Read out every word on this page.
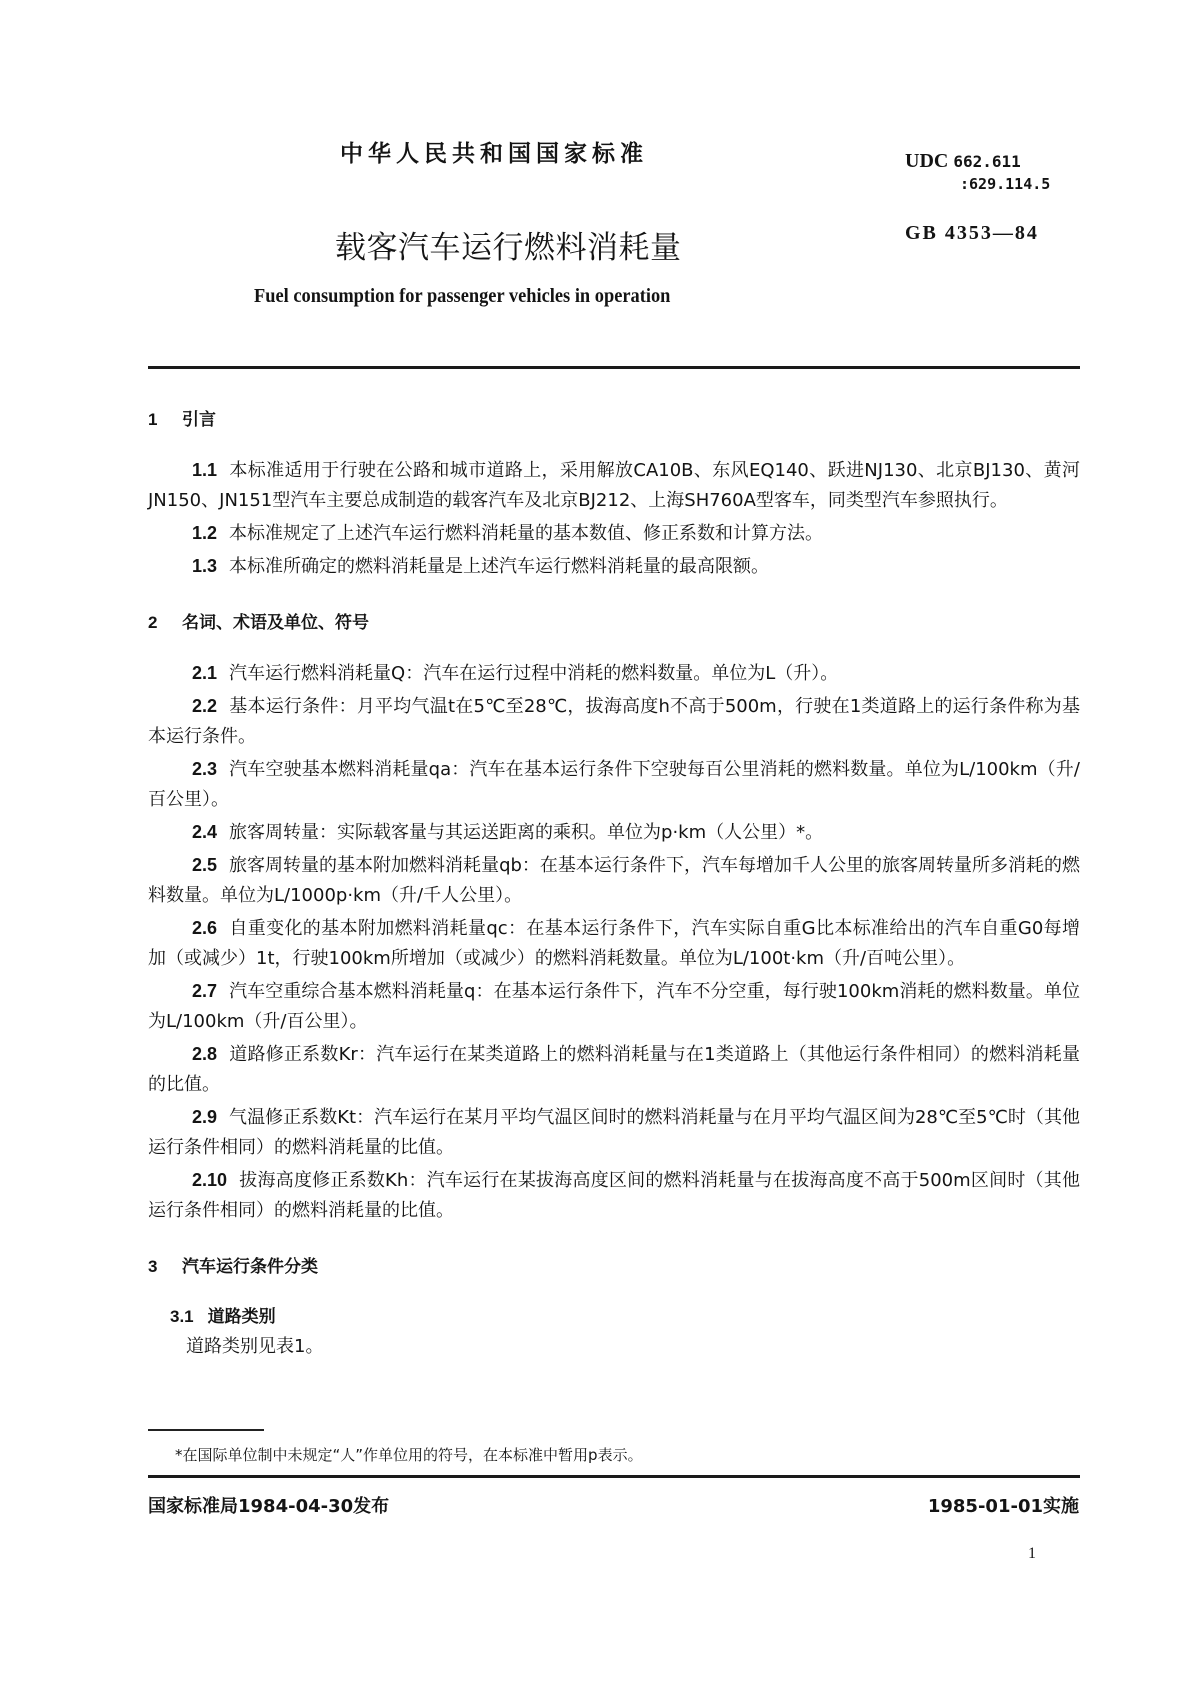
中华人民共和国国家标准	UDC 662.611
:629.114.5
载客汽车运行燃料消耗量	GB 4353—84
Fuel consumption for passenger vehicles in operation
1 引言
1.1 本标准适用于行驶在公路和城市道路上，采用解放CA10B、东风EQ140、跃进NJ130、北京BJ130、黄河JN150、JN151型汽车主要总成制造的载客汽车及北京BJ212、上海SH760A型客车，同类型汽车参照执行。
1.2 本标准规定了上述汽车运行燃料消耗量的基本数值、修正系数和计算方法。
1.3 本标准所确定的燃料消耗量是上述汽车运行燃料消耗量的最高限额。
2 名词、术语及单位、符号
2.1 汽车运行燃料消耗量Q：汽车在运行过程中消耗的燃料数量。单位为L（升）。
2.2 基本运行条件：月平均气温t在5℃至28℃，拔海高度h不高于500m，行驶在1类道路上的运行条件称为基本运行条件。
2.3 汽车空驶基本燃料消耗量qa：汽车在基本运行条件下空驶每百公里消耗的燃料数量。单位为L/100km（升/百公里）。
2.4 旅客周转量：实际载客量与其运送距离的乘积。单位为p·km（人公里）*。
2.5 旅客周转量的基本附加燃料消耗量qb：在基本运行条件下，汽车每增加千人公里的旅客周转量所多消耗的燃料数量。单位为L/1000p·km（升/千人公里）。
2.6 自重变化的基本附加燃料消耗量qc：在基本运行条件下，汽车实际自重G比本标准给出的汽车自重G0每增加（或减少）1t，行驶100km所增加（或减少）的燃料消耗数量。单位为L/100t·km（升/百吨公里）。
2.7 汽车空重综合基本燃料消耗量q：在基本运行条件下，汽车不分空重，每行驶100km消耗的燃料数量。单位为L/100km（升/百公里）。
2.8 道路修正系数Kr：汽车运行在某类道路上的燃料消耗量与在1类道路上（其他运行条件相同）的燃料消耗量的比值。
2.9 气温修正系数Kt：汽车运行在某月平均气温区间时的燃料消耗量与在月平均气温区间为28℃至5℃时（其他运行条件相同）的燃料消耗量的比值。
2.10 拔海高度修正系数Kh：汽车运行在某拔海高度区间的燃料消耗量与在拔海高度不高于500m区间时（其他运行条件相同）的燃料消耗量的比值。
3 汽车运行条件分类
3.1 道路类别
道路类别见表1。
*在国际单位制中未规定“人”作单位用的符号，在本标准中暂用p表示。
国家标准局1984-04-30发布	1985-01-01实施
1
